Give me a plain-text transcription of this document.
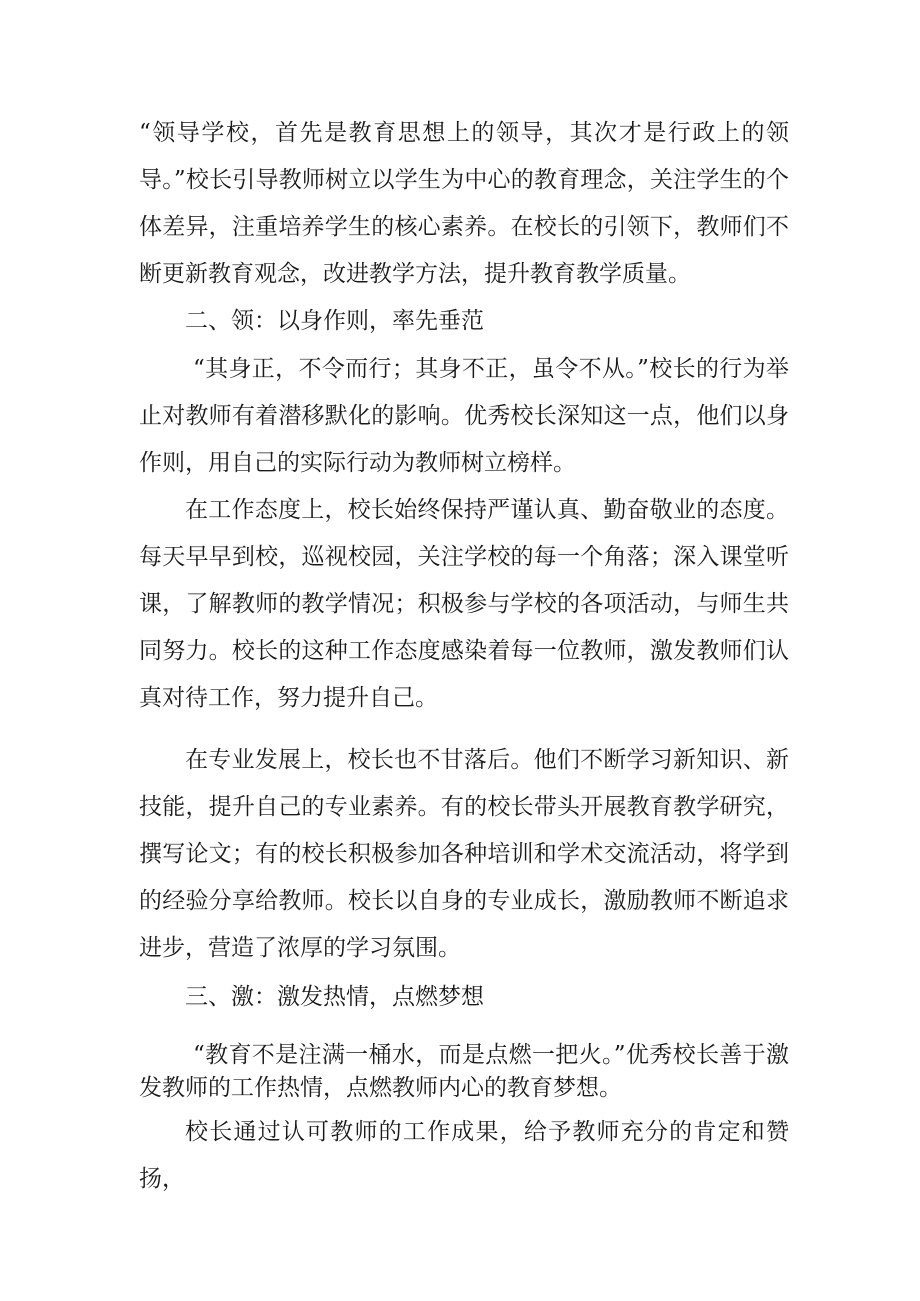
“领导学校，首先是教育思想上的领导，其次才是行政上的领导。”校长引导教师树立以学生为中心的教育理念，关注学生的个体差异，注重培养学生的核心素养。在校长的引领下，教师们不断更新教育观念，改进教学方法，提升教育教学质量。

二、领：以身作则，率先垂范

“其身正，不令而行；其身不正，虽令不从。”校长的行为举止对教师有着潜移默化的影响。优秀校长深知这一点，他们以身作则，用自己的实际行动为教师树立榜样。

在工作态度上，校长始终保持严谨认真、勤奋敬业的态度。每天早早到校，巡视校园，关注学校的每一个角落；深入课堂听课，了解教师的教学情况；积极参与学校的各项活动，与师生共同努力。校长的这种工作态度感染着每一位教师，激发教师们认真对待工作，努力提升自己。

在专业发展上，校长也不甘落后。他们不断学习新知识、新技能，提升自己的专业素养。有的校长带头开展教育教学研究，撰写论文；有的校长积极参加各种培训和学术交流活动，将学到的经验分享给教师。校长以自身的专业成长，激励教师不断追求进步，营造了浓厚的学习氛围。

三、激：激发热情，点燃梦想

“教育不是注满一桶水，而是点燃一把火。”优秀校长善于激发教师的工作热情，点燃教师内心的教育梦想。

校长通过认可教师的工作成果，给予教师充分的肯定和赞扬，
